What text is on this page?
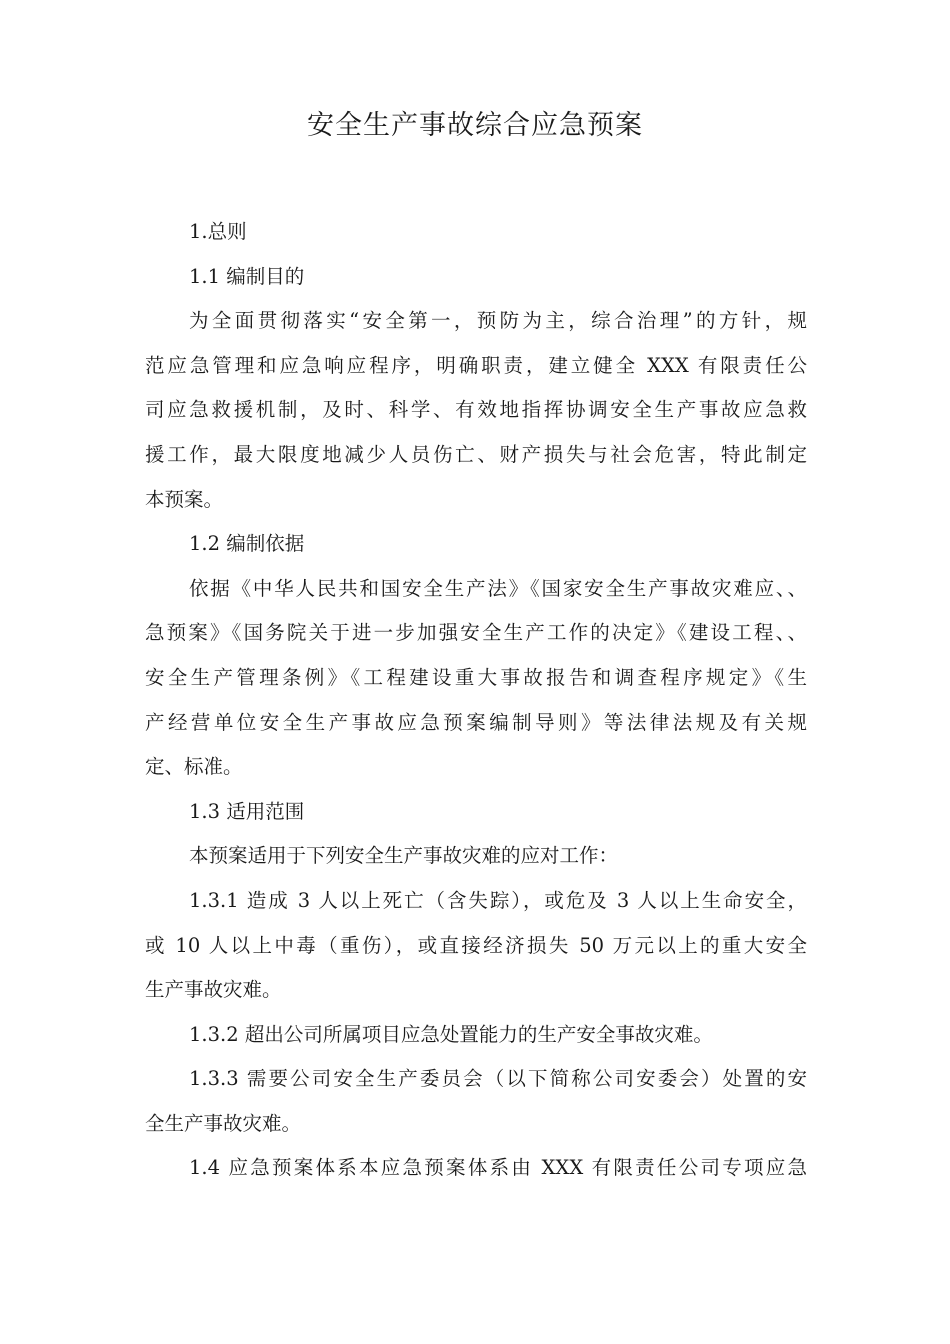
安全生产事故综合应急预案

1.总则

1.1 编制目的

为全面贯彻落实“安全第一，预防为主，综合治理”的方针，规

范应急管理和应急响应程序，明确职责，建立健全 XXX 有限责任公

司应急救援机制，及时、科学、有效地指挥协调安全生产事故应急救

援工作，最大限度地减少人员伤亡、财产损失与社会危害，特此制定

本预案。

1.2 编制依据

依据《中华人民共和国安全生产法》《国家安全生产事故灾难应、、

急预案》《国务院关于进一步加强安全生产工作的决定》《建设工程、、

安全生产管理条例》《工程建设重大事故报告和调查程序规定》《生

产经营单位安全生产事故应急预案编制导则》等法律法规及有关规

定、标准。

1.3 适用范围

本预案适用于下列安全生产事故灾难的应对工作：

1.3.1 造成 3 人以上死亡（含失踪），或危及 3 人以上生命安全，

或 10 人以上中毒（重伤），或直接经济损失 50 万元以上的重大安全

生产事故灾难。

1.3.2 超出公司所属项目应急处置能力的生产安全事故灾难。

1.3.3 需要公司安全生产委员会（以下简称公司安委会）处置的安

全生产事故灾难。

1.4 应急预案体系本应急预案体系由 XXX 有限责任公司专项应急
